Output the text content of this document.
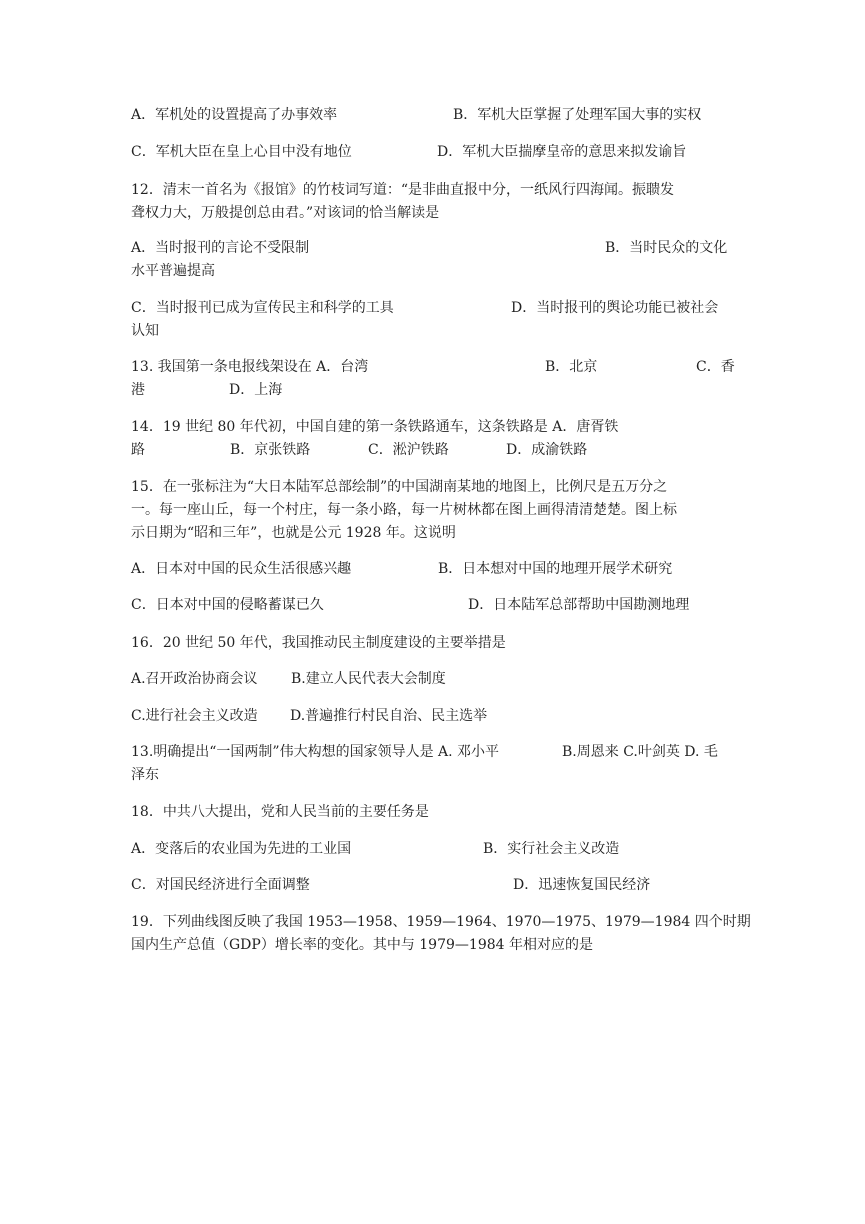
A．军机处的设置提高了办事效率	B．军机大臣掌握了处理军国大事的实权
C．军机大臣在皇上心目中没有地位	D．军机大臣揣摩皇帝的意思来拟发谕旨
12．清末一首名为《报馆》的竹枝词写道：“是非曲直报中分，一纸风行四海闻。振聩发
聋权力大，万般提创总由君。”对该词的恰当解读是
A．当时报刊的言论不受限制	B．当时民众的文化
水平普遍提高
C．当时报刊已成为宣传民主和科学的工具	D．当时报刊的舆论功能已被社会
认知
13. 我国第一条电报线架设在 A．台湾	B．北京	C．香
港	D．上海
14．19 世纪 80 年代初，中国自建的第一条铁路通车，这条铁路是 A．唐胥铁
路	B．京张铁路	C．淞沪铁路	D．成渝铁路
15．在一张标注为“大日本陆军总部绘制”的中国湖南某地的地图上，比例尺是五万分之
一。每一座山丘，每一个村庄，每一条小路，每一片树林都在图上画得清清楚楚。图上标
示日期为“昭和三年”，也就是公元 1928 年。这说明
A．日本对中国的民众生活很感兴趣	B．日本想对中国的地理开展学术研究
C．日本对中国的侵略蓄谋已久	D．日本陆军总部帮助中国勘测地理
16．20 世纪 50 年代，我国推动民主制度建设的主要举措是
A.召开政治协商会议 B.建立人民代表大会制度
C.进行社会主义改造 D.普遍推行村民自治、民主选举
13.明确提出“一国两制”伟大构想的国家领导人是 A. 邓小平	B.周恩来 C.叶剑英 D. 毛
泽东
18．中共八大提出，党和人民当前的主要任务是
A．变落后的农业国为先进的工业国	B．实行社会主义改造
C．对国民经济进行全面调整	D．迅速恢复国民经济
19．下列曲线图反映了我国 1953—1958、1959—1964、1970—1975、1979—1984 四个时期
国内生产总值（GDP）增长率的变化。其中与 1979—1984 年相对应的是
